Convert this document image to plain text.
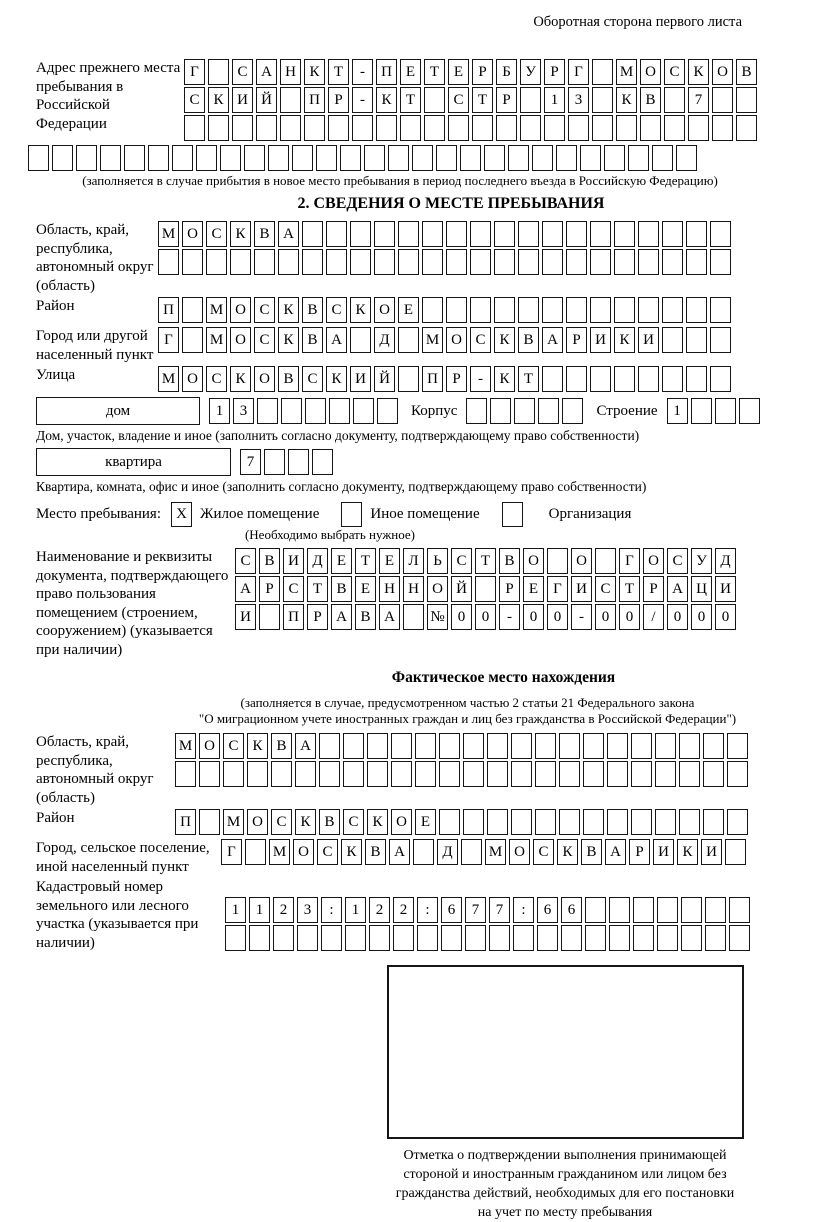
Оборотная сторона первого листа
Адрес прежнего места пребывания в Российской Федерации
Г	С А Н К Т - П Е Т Е Р Б У Р Г М О С К О В
С К И Й П Р - К Т	С Т Р	1 3	К В	7
(заполняется в случае прибытия в новое место пребывания в период последнего въезда в Российскую Федерацию)
2. СВЕДЕНИЯ О МЕСТЕ ПРЕБЫВАНИЯ
Область, край, республика, автономный округ (область)
М О С К В А
Район	П М О С К В С К О Е
Город или другой населенный пункт
Г М О С К В А Д М О С К В А Р И К И
Улица	М О С К О В С К И Й П Р - К Т
дом	1 3	Корпус	Строение	1
Дом, участок, владение и иное (заполнить согласно документу, подтверждающему право собственности)
квартира	7
Квартира, комната, офис и иное (заполнить согласно документу, подтверждающему право собственности)
Место пребывания:	X Жилое помещение	Иное помещение	Организация
(Необходимо выбрать нужное)
Наименование и реквизиты документа, подтверждающего право пользования помещением (строением, сооружением) (указывается при наличии)
С В И Д Е Т Е Л Ь С Т В О О	Г О С У Д
А Р С Т В Е Н Н О Й	Р Е Г И С Т Р А Ц И
И П Р А В А № 0 0 - 0 0 - 0 0 / 0 0 0
Фактическое место нахождения
(заполняется в случае, предусмотренном частью 2 статьи 21 Федерального закона
"О миграционном учете иностранных граждан и лиц без гражданства в Российской Федерации")
Область, край, республика, автономный округ (область)
М О С К В А
Район	П М О С К В С К О Е
Город, сельское поселение, иной населенный пункт
Г М О С К В А Д М О С К В А Р И К И
Кадастровый номер земельного или лесного участка (указывается при наличии)
1 1 2 3 : 1 2 2 : 6 7 7 : 6 6
Отметка о подтверждении выполнения принимающей
стороной и иностранным гражданином или лицом без
гражданства действий, необходимых для его постановки
на учет по месту пребывания
